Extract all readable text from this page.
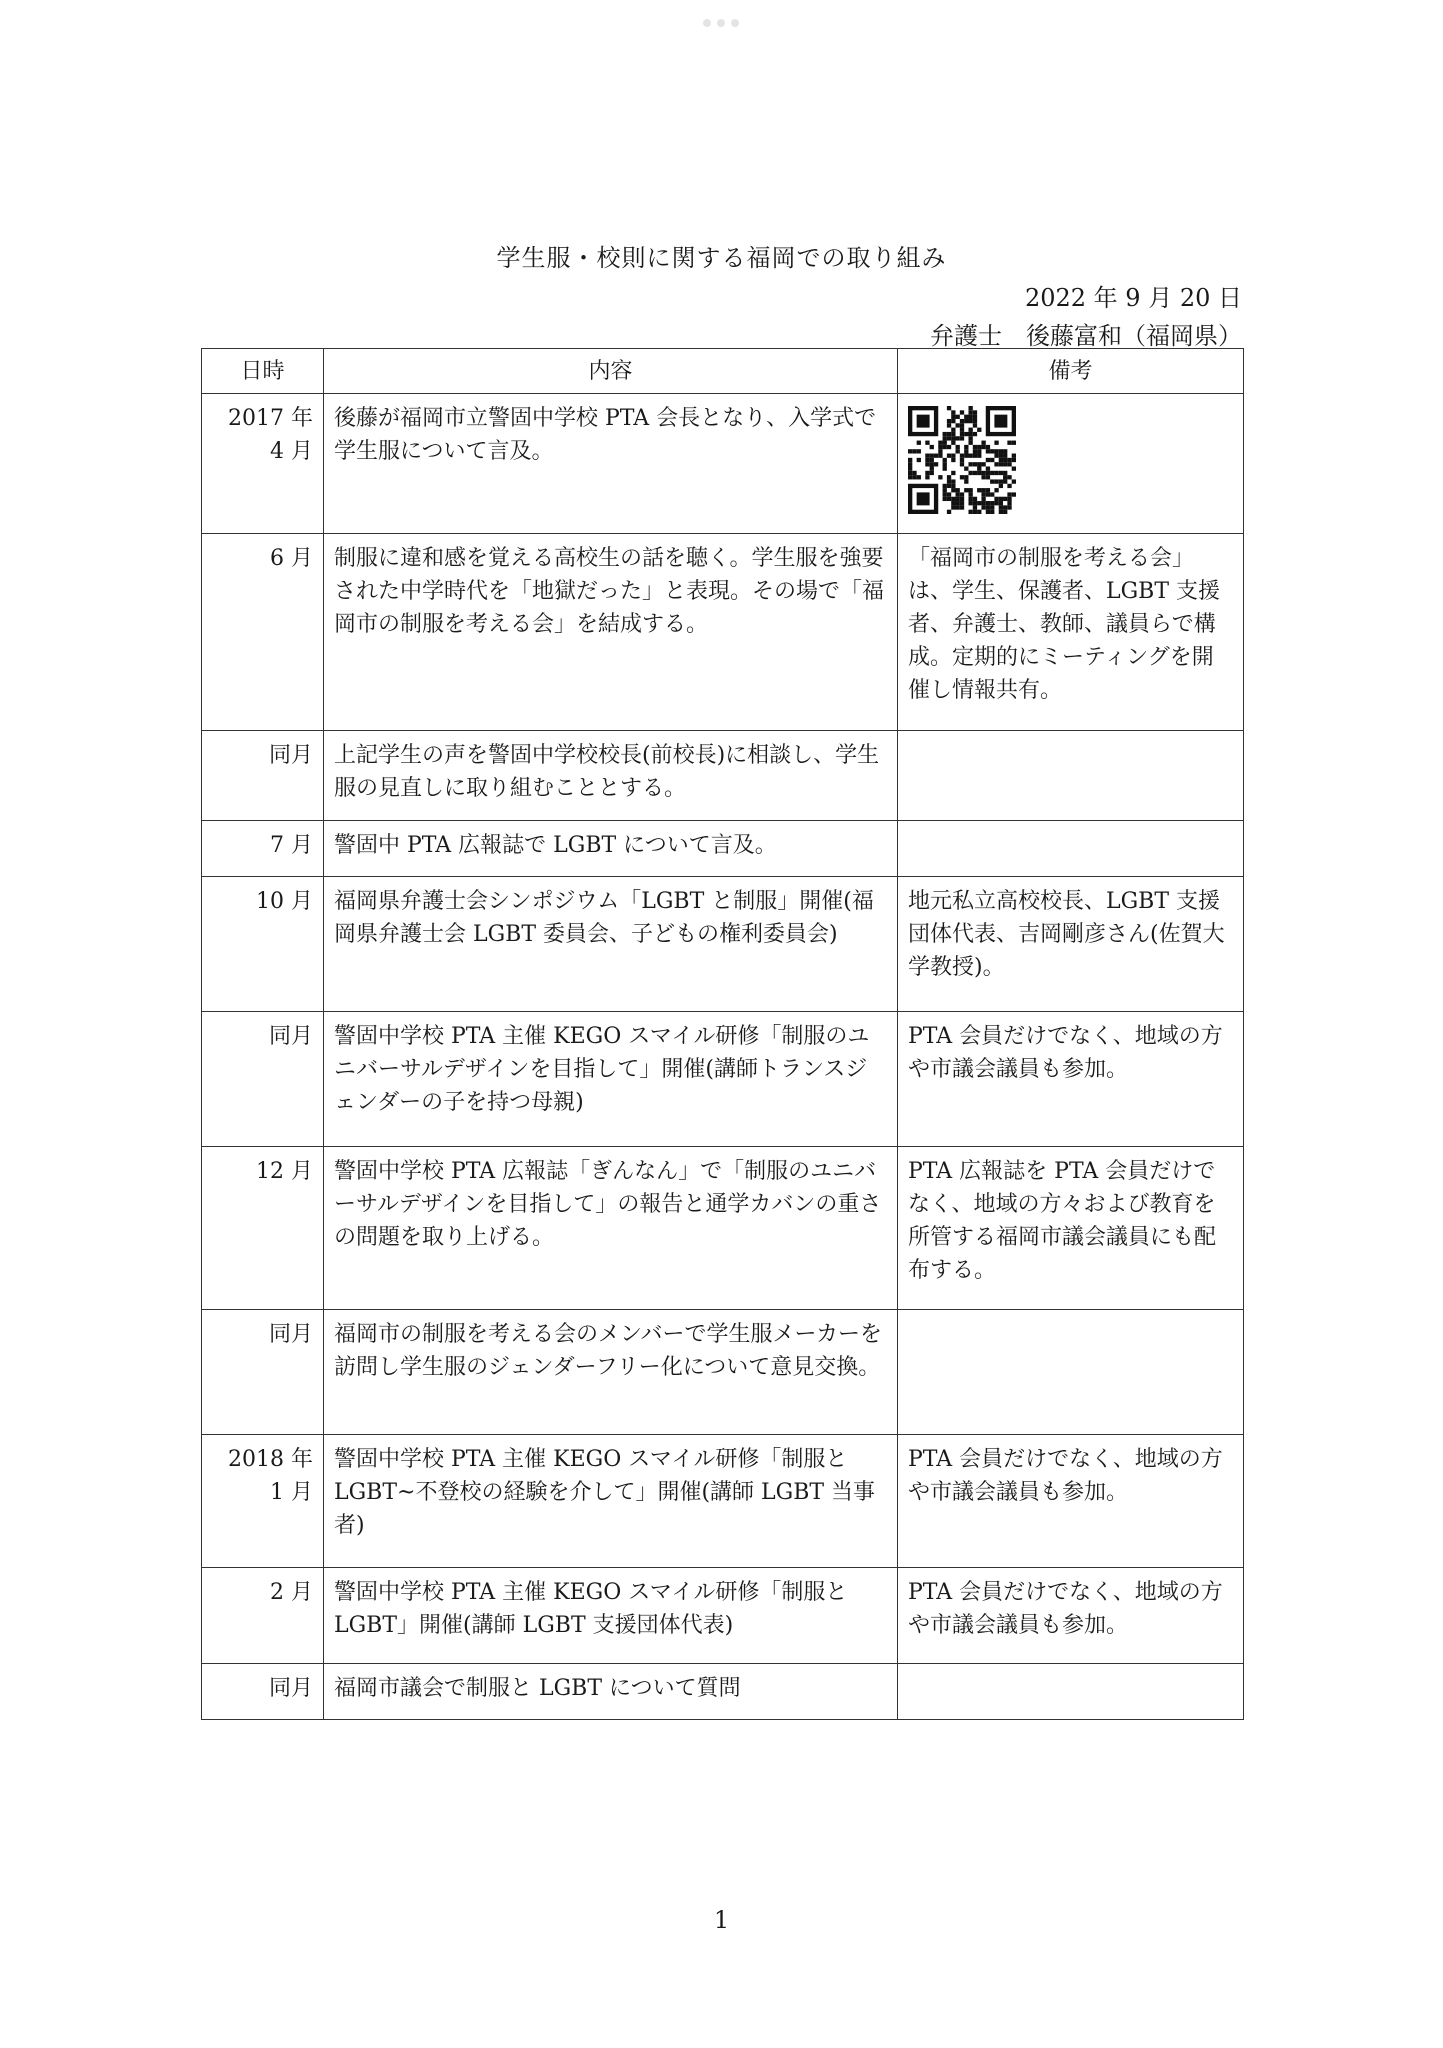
学生服・校則に関する福岡での取り組み
2022 年 9 月 20 日
弁護士　後藤富和（福岡県）
日時	内容	備考
2017 年
4 月	後藤が福岡市立警固中学校 PTA 会長となり、入学式で学生服について言及。	

6 月	制服に違和感を覚える高校生の話を聴く。学生服を強要された中学時代を「地獄だった」と表現。その場で「福岡市の制服を考える会」を結成する。	「福岡市の制服を考える会」は、学生、保護者、LGBT 支援者、弁護士、教師、議員らで構成。定期的にミーティングを開催し情報共有。
同月	上記学生の声を警固中学校校長(前校長)に相談し、学生服の見直しに取り組むこととする。	
7 月	警固中 PTA 広報誌で LGBT について言及。	
10 月	福岡県弁護士会シンポジウム「LGBT と制服」開催(福岡県弁護士会 LGBT 委員会、子どもの権利委員会)	地元私立高校校長、LGBT 支援団体代表、吉岡剛彦さん(佐賀大学教授)。
同月	警固中学校 PTA 主催 KEGO スマイル研修「制服のユニバーサルデザインを目指して」開催(講師トランスジェンダーの子を持つ母親)	PTA 会員だけでなく、地域の方や市議会議員も参加。
12 月	警固中学校 PTA 広報誌「ぎんなん」で「制服のユニバーサルデザインを目指して」の報告と通学カバンの重さの問題を取り上げる。	PTA 広報誌を PTA 会員だけでなく、地域の方々および教育を所管する福岡市議会議員にも配布する。
同月	福岡市の制服を考える会のメンバーで学生服メーカーを訪問し学生服のジェンダーフリー化について意見交換。	
2018 年
1 月	警固中学校 PTA 主催 KEGO スマイル研修「制服と LGBT~不登校の経験を介して」開催(講師 LGBT 当事者)	PTA 会員だけでなく、地域の方や市議会議員も参加。
2 月	警固中学校 PTA 主催 KEGO スマイル研修「制服と LGBT」開催(講師 LGBT 支援団体代表)	PTA 会員だけでなく、地域の方や市議会議員も参加。
同月	福岡市議会で制服と LGBT について質問	
1
